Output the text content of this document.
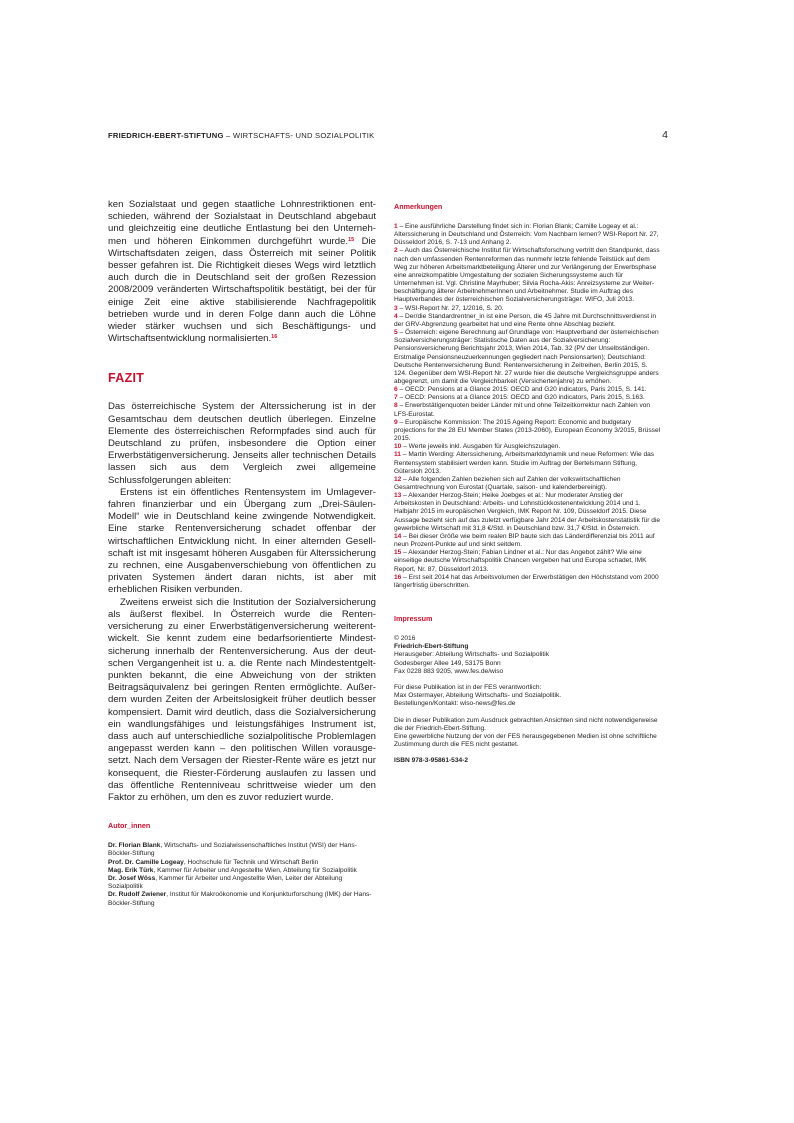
FRIEDRICH-EBERT-STIFTUNG – WIRTSCHAFTS- UND SOZIALPOLITIK	4

ken Sozialstaat und gegen staatliche Lohnrestriktionen entschieden, während der Sozialstaat in Deutschland abgebaut und gleichzeitig eine deutliche Entlastung bei den Unternehmen und höheren Einkommen durchgeführt wurde.$^{15}$ Die Wirtschaftsdaten zeigen, dass Österreich mit seiner Politik besser gefahren ist. Die Richtigkeit dieses Wegs wird letztlich auch durch die in Deutschland seit der großen Rezession 2008/2009 veränderten Wirtschaftspolitik bestätigt, bei der für einige Zeit eine aktive stabilisierende Nachfragepolitik betrieben wurde und in deren Folge dann auch die Löhne wieder stärker wuchsen und sich Beschäftigungs- und Wirtschaftsentwicklung normalisierten.$^{16}$

FAZIT

Das österreichische System der Alterssicherung ist in der Gesamtschau dem deutschen deutlich überlegen. Einzelne Elemente des österreichischen Reformpfades sind auch für Deutschland zu prüfen, insbesondere die Option einer Erwerbstätigenversicherung. Jenseits aller technischen Details lassen sich aus dem Vergleich zwei allgemeine Schlussfolgerungen ableiten:

Erstens ist ein öffentliches Rentensystem im Umlageverfahren finanzierbar und ein Übergang zum „Drei-Säulen-Modell“ wie in Deutschland keine zwingende Notwendigkeit. Eine starke Rentenversicherung schadet offenbar der wirtschaftlichen Entwicklung nicht. In einer alternden Gesellschaft ist mit insgesamt höheren Ausgaben für Alterssicherung zu rechnen, eine Ausgabenverschiebung von öffentlichen zu privaten Systemen ändert daran nichts, ist aber mit erheblichen Risiken verbunden.

Zweitens erweist sich die Institution der Sozialversicherung als äußerst flexibel. In Österreich wurde die Rentenversicherung zu einer Erwerbstätigenversicherung weiterentwickelt. Sie kennt zudem eine bedarfsorientierte Mindestsicherung innerhalb der Rentenversicherung. Aus der deutschen Vergangenheit ist u. a. die Rente nach Mindestentgeltpunkten bekannt, die eine Abweichung von der strikten Beitragsäquivalenz bei geringen Renten ermöglichte. Außerdem wurden Zeiten der Arbeitslosigkeit früher deutlich besser kompensiert. Damit wird deutlich, dass die Sozialversicherung ein wandlungsfähiges und leistungsfähiges Instrument ist, dass auch auf unterschiedliche sozialpolitische Problemlagen angepasst werden kann – den politischen Willen vorausgesetzt. Nach dem Versagen der Riester-Rente wäre es jetzt nur konsequent, die Riester-Förderung auslaufen zu lassen und das öffentliche Rentenniveau schrittweise wieder um den Faktor zu erhöhen, um den es zuvor reduziert wurde.

Autor_innen

Dr. Florian Blank, Wirtschafts- und Sozialwissenschaftliches Institut (WSI) der Hans-Böckler-Stiftung

Prof. Dr. Camille Logeay, Hochschule für Technik und Wirtschaft Berlin

Mag. Erik Türk, Kammer für Arbeiter und Angestellte Wien, Abteilung für Sozialpolitik

Dr. Josef Wöss, Kammer für Arbeiter und Angestellte Wien, Leiter der Abteilung Sozialpolitik

Dr. Rudolf Zwiener, Institut für Makroökonomie und Konjunkturforschung (IMK) der Hans-Böckler-Stiftung

Anmerkungen

1 – Eine ausführliche Darstellung findet sich in: Florian Blank; Camille Logeay et al.: Alterssicherung in Deutschland und Österreich: Vom Nachbarn lernen? WSI-Report Nr. 27, Düsseldorf 2016, S. 7-13 und Anhang 2.

2 – Auch das Österreichische Institut für Wirtschaftsforschung vertritt den Standpunkt, dass nach den umfassenden Rentenreformen das nunmehr letzte fehlende Teilstück auf dem Weg zur höheren Arbeitsmarktbeteiligung Älterer und zur Verlängerung der Erwerbsphase eine anreizkompatible Umgestaltung der sozialen Sicherungssysteme auch für Unternehmen ist. Vgl. Christine Mayrhuber; Silvia Rocha-Akis: Anreizsysteme zur Weiterbeschäftigung älterer ArbeitnehmerInnen und Arbeitnehmer. Studie im Auftrag des Hauptverbandes der österreichischen Sozialversicherungsträger. WIFO, Juli 2013.

3 – WSI-Report Nr. 27, 1/2016, S. 20.

4 – Der/die Standardrentner_in ist eine Person, die 45 Jahre mit Durchschnittsverdienst in der GRV-Abgrenzung gearbeitet hat und eine Rente ohne Abschlag bezieht.

5 – Österreich: eigene Berechnung auf Grundlage von: Hauptverband der österreichischen Sozialversicherungsträger: Statistische Daten aus der Sozialversicherung: Pensionsversicherung Berichtsjahr 2013, Wien 2014, Tab. 32 (PV der Unselbständigen. Erstmalige Pensionsneuzuerkennungen gegliedert nach Pensionsarten); Deutschland: Deutsche Rentenversicherung Bund: Rentenversicherung in Zeitreihen, Berlin 2015, S. 124. Gegenüber dem WSI-Report Nr. 27 wurde hier die deutsche Vergleichsgruppe anders abgegrenzt, um damit die Vergleichbarkeit (Versichertenjahre) zu erhöhen.

6 – OECD: Pensions at a Glance 2015: OECD and G20 indicators, Paris 2015, S. 141.

7 – OECD: Pensions at a Glance 2015: OECD and G20 indicators, Paris 2015, S.163.

8 – Erwerbstätigenquoten beider Länder mit und ohne Teilzeitkorrektur nach Zahlen von LFS-Eurostat.

9 – Europäische Kommission: The 2015 Ageing Report: Economic and budgetary projections for the 28 EU Member States (2013-2060), European Economy 3/2015, Brüssel 2015.

10 – Werte jeweils inkl. Ausgaben für Ausgleichszulagen.

11 – Martin Werding: Alterssicherung, Arbeitsmarktdynamik und neue Reformen: Wie das Rentensystem stabilisiert werden kann. Studie im Auftrag der Bertelsmann Stiftung, Gütersloh 2013.

12 – Alle folgenden Zahlen beziehen sich auf Zahlen der volkswirtschaftlichen Gesamtrechnung von Eurostat (Quartale, saison- und kalenderbereinigt).

13 – Alexander Herzog-Stein; Heike Joebges et al.: Nur moderater Anstieg der Arbeitskosten in Deutschland: Arbeits- und Lohnstückkostenentwicklung 2014 und 1. Halbjahr 2015 im europäischen Vergleich, IMK Report Nr. 109, Düsseldorf 2015. Diese Aussage bezieht sich auf das zuletzt verfügbare Jahr 2014 der Arbeitskostenstatistik für die gewerbliche Wirtschaft mit 31,8 €/Std. in Deutschland bzw. 31,7 €/Std. in Österreich.

14 – Bei dieser Größe wie beim realen BIP baute sich das Länderdifferenzial bis 2011 auf neun Prozent-Punkte auf und sinkt seitdem.

15 – Alexander Herzog-Stein; Fabian Lindner et al.: Nur das Angebot zählt? Wie eine einseitige deutsche Wirtschaftspolitik Chancen vergeben hat und Europa schadet, IMK Report, Nr. 87, Düsseldorf 2013.

16 – Erst seit 2014 hat das Arbeitsvolumen der Erwerbstätigen den Höchststand vom 2000 längerfristig überschritten.

Impressum

© 2016

Friedrich-Ebert-Stiftung

Herausgeber: Abteilung Wirtschafts- und Sozialpolitik

Godesberger Allee 149, 53175 Bonn

Fax 0228 883 9205, www.fes.de/wiso

Für diese Publikation ist in der FES verantwortlich:

Max Ostermayer, Abteilung Wirtschafts- und Sozialpolitik.

Bestellungen/Kontakt: wiso-news@fes.de

Die in dieser Publikation zum Ausdruck gebrachten Ansichten sind nicht notwendigerweise die der Friedrich-Ebert-Stiftung.

Eine gewerbliche Nutzung der von der FES herausgegebenen Medien ist ohne schriftliche Zustimmung durch die FES nicht gestattet.

ISBN 978-3-95861-534-2
